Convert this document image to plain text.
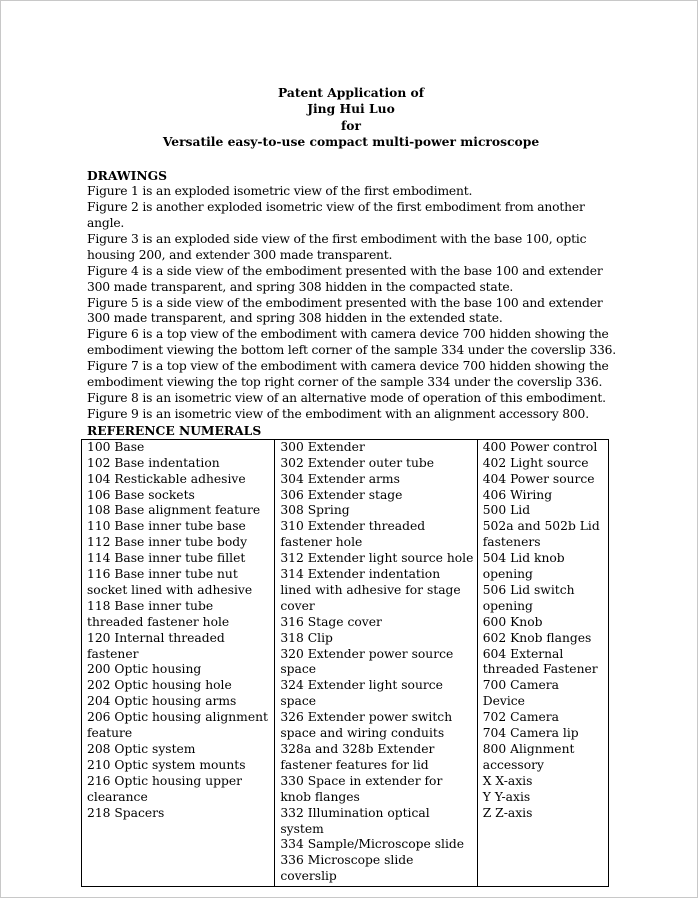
Patent Application of
Jing Hui Luo
for
Versatile easy-to-use compact multi-power microscope
DRAWINGS

Figure 1 is an exploded isometric view of the first embodiment.

Figure 2 is another exploded isometric view of the first embodiment from another angle.

Figure 3 is an exploded side view of the first embodiment with the base 100, optic housing 200, and extender 300 made transparent.

Figure 4 is a side view of the embodiment presented with the base 100 and extender 300 made transparent, and spring 308 hidden in the compacted state.

Figure 5 is a side view of the embodiment presented with the base 100 and extender 300 made transparent, and spring 308 hidden in the extended state.

Figure 6 is a top view of the embodiment with camera device 700 hidden showing the embodiment viewing the bottom left corner of the sample 334 under the coverslip 336.

Figure 7 is a top view of the embodiment with camera device 700 hidden showing the embodiment viewing the top right corner of the sample 334 under the coverslip 336.

Figure 8 is an isometric view of an alternative mode of operation of this embodiment.

Figure 9 is an isometric view of the embodiment with an alignment accessory 800.

REFERENCE NUMERALS
100 Base
102 Base indentation
104 Restickable adhesive
106 Base sockets
108 Base alignment feature
110 Base inner tube base
112 Base inner tube body
114 Base inner tube fillet
116 Base inner tube nut socket lined with adhesive
118 Base inner tube threaded fastener hole
120 Internal threaded fastener
200 Optic housing
202 Optic housing hole
204 Optic housing arms
206 Optic housing alignment feature
208 Optic system
210 Optic system mounts
216 Optic housing upper clearance
218 Spacers

300 Extender
302 Extender outer tube
304 Extender arms
306 Extender stage
308 Spring
310 Extender threaded fastener hole
312 Extender light source hole
314 Extender indentation lined with adhesive for stage cover
316 Stage cover
318 Clip
320 Extender power source space
324 Extender light source space
326 Extender power switch space and wiring conduits
328a and 328b Extender fastener features for lid
330 Space in extender for knob flanges
332 Illumination optical system
334 Sample/Microscope slide
336 Microscope slide coverslip

400 Power control
402 Light source
404 Power source
406 Wiring
500 Lid
502a and 502b Lid fasteners
504 Lid knob opening
506 Lid switch opening
600 Knob
602 Knob flanges
604 External threaded Fastener
700 Camera Device
702 Camera
704 Camera lip
800 Alignment accessory
X X-axis
Y Y-axis
Z Z-axis
